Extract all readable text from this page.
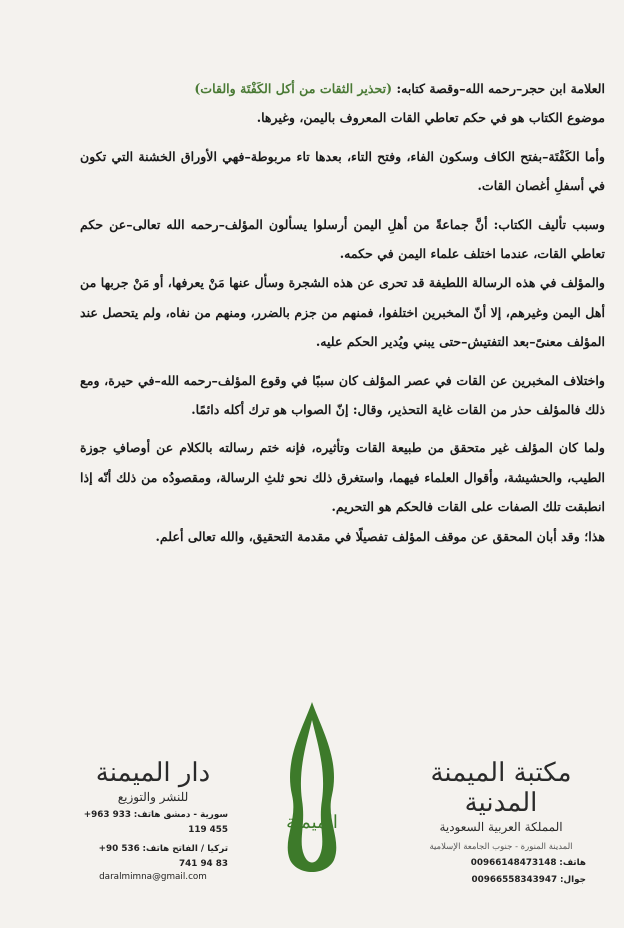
العلامة ابن حجر–رحمه الله–وقصة كتابه: (تحذير الثقات من أكل الكَفْتَة والقات)

موضوع الكتاب هو في حكم تعاطي القات المعروف باليمن، وغيرها.

وأما الكَفْتَة–بفتح الكاف وسكون الفاء، وفتح التاء، بعدها تاء مربوطة–فهي الأوراق الخشنة التي تكون في أسفلِ أغصان القات.

وسبب تأليف الكتاب: أنَّ جماعةً من أهلِ اليمن أرسلوا يسألون المؤلف–رحمه الله تعالى–عن حكم تعاطي القات، عندما اختلف علماء اليمن في حكمه.

والمؤلف في هذه الرسالة اللطيفة قد تحرى عن هذه الشجرة وسأل عنها مَنْ يعرفها، أو مَنْ جربها من أهل اليمن وغيرهم، إلا أنّ المخبرين اختلفوا، فمنهم من جزم بالضرر، ومنهم من نفاه، ولم يتحصل عند المؤلف معنىً–بعد التفتيش–حتى يبني ويُدير الحكم عليه.

واختلاف المخبرين عن القات في عصر المؤلف كان سببًا في وقوع المؤلف–رحمه الله–في حيرة، ومع ذلك فالمؤلف حذر من القات غاية التحذير، وقال: إنّ الصواب هو ترك أكله دائمًا.

ولما كان المؤلف غير متحقق من طبيعة القات وتأثيره، فإنه ختم رسالته بالكلام عن أوصافِ جوزة الطيب، والحشيشة، وأقوال العلماء فيهما، واستغرق ذلك نحو ثلثِ الرسالة، ومقصودُه من ذلك أنّه إذا انطبقت تلك الصفات على القات فالحكم هو التحريم.

هذا؛ وقد أبان المحقق عن موقف المؤلف تفصيلًا في مقدمة التحقيق، والله تعالى أعلم.

الميمنة
مكتبة الميمنة المدنية
المملكة العربية السعودية
المدينة المنورة - جنوب الجامعة الإسلامية
هاتف: 00966148473148
جوال: 00966558343947
دار الميمنة
للنشر والتوزيع
سورية - دمشق هاتف: +963 933 119 455
تركيا / الفاتح هاتف: +90 536 741 94 83
daralmimna@gmail.com
